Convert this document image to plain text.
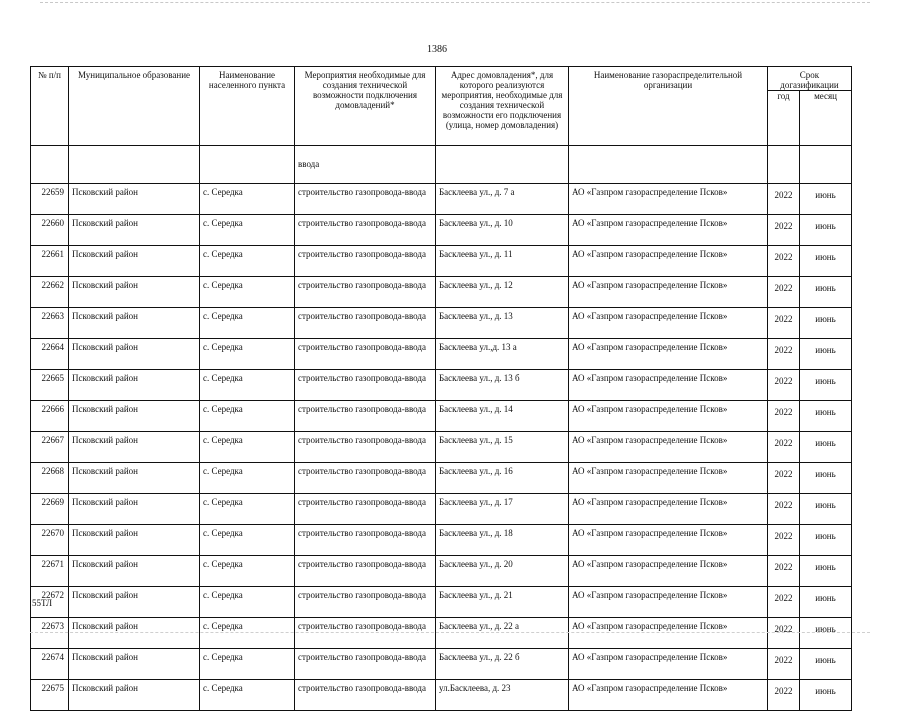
1386
№ п/п	Муниципальное образование	Наименование населенного пункта	Мероприятия необходимые для создания технической возможности подключения домовладений*	Адрес домовладения*, для которого реализуются мероприятия, необходимые для создания технической возможности его подключения (улица, номер домовладения)	Наименование газораспределительной организации	Срок догазификации	
						год	месяц
			ввода				
22659	Псковский район	с. Середка	строительство газопровода-ввода	Басклеева ул., д. 7 а	АО «Газпром газораспределение Псков»	2022	июнь
22660	Псковский район	с. Середка	строительство газопровода-ввода	Басклеева ул., д. 10	АО «Газпром газораспределение Псков»	2022	июнь
22661	Псковский район	с. Середка	строительство газопровода-ввода	Басклеева ул., д. 11	АО «Газпром газораспределение Псков»	2022	июнь
22662	Псковский район	с. Середка	строительство газопровода-ввода	Басклеева ул., д. 12	АО «Газпром газораспределение Псков»	2022	июнь
22663	Псковский район	с. Середка	строительство газопровода-ввода	Басклеева ул., д. 13	АО «Газпром газораспределение Псков»	2022	июнь
22664	Псковский район	с. Середка	строительство газопровода-ввода	Басклеева ул.,д. 13 а	АО «Газпром газораспределение Псков»	2022	июнь
22665	Псковский район	с. Середка	строительство газопровода-ввода	Басклеева ул., д. 13 б	АО «Газпром газораспределение Псков»	2022	июнь
22666	Псковский район	с. Середка	строительство газопровода-ввода	Басклеева ул., д. 14	АО «Газпром газораспределение Псков»	2022	июнь
22667	Псковский район	с. Середка	строительство газопровода-ввода	Басклеева ул., д. 15	АО «Газпром газораспределение Псков»	2022	июнь
22668	Псковский район	с. Середка	строительство газопровода-ввода	Басклеева ул., д. 16	АО «Газпром газораспределение Псков»	2022	июнь
22669	Псковский район	с. Середка	строительство газопровода-ввода	Басклеева ул., д. 17	АО «Газпром газораспределение Псков»	2022	июнь
22670	Псковский район	с. Середка	строительство газопровода-ввода	Басклеева ул., д. 18	АО «Газпром газораспределение Псков»	2022	июнь
22671	Псковский район	с. Середка	строительство газопровода-ввода	Басклеева ул., д. 20	АО «Газпром газораспределение Псков»	2022	июнь
22672	Псковский район	с. Середка	строительство газопровода-ввода	Басклеева ул., д. 21	АО «Газпром газораспределение Псков»	2022	июнь
22673	Псковский район	с. Середка	строительство газопровода-ввода	Басклеева ул., д. 22 а	АО «Газпром газораспределение Псков»	2022	июнь
22674	Псковский район	с. Середка	строительство газопровода-ввода	Басклеева ул., д. 22 б	АО «Газпром газораспределение Псков»	2022	июнь
22675	Псковский район	с. Середка	строительство газопровода-ввода	ул.Басклеева, д. 23	АО «Газпром газораспределение Псков»	2022	июнь
55ТЛ
